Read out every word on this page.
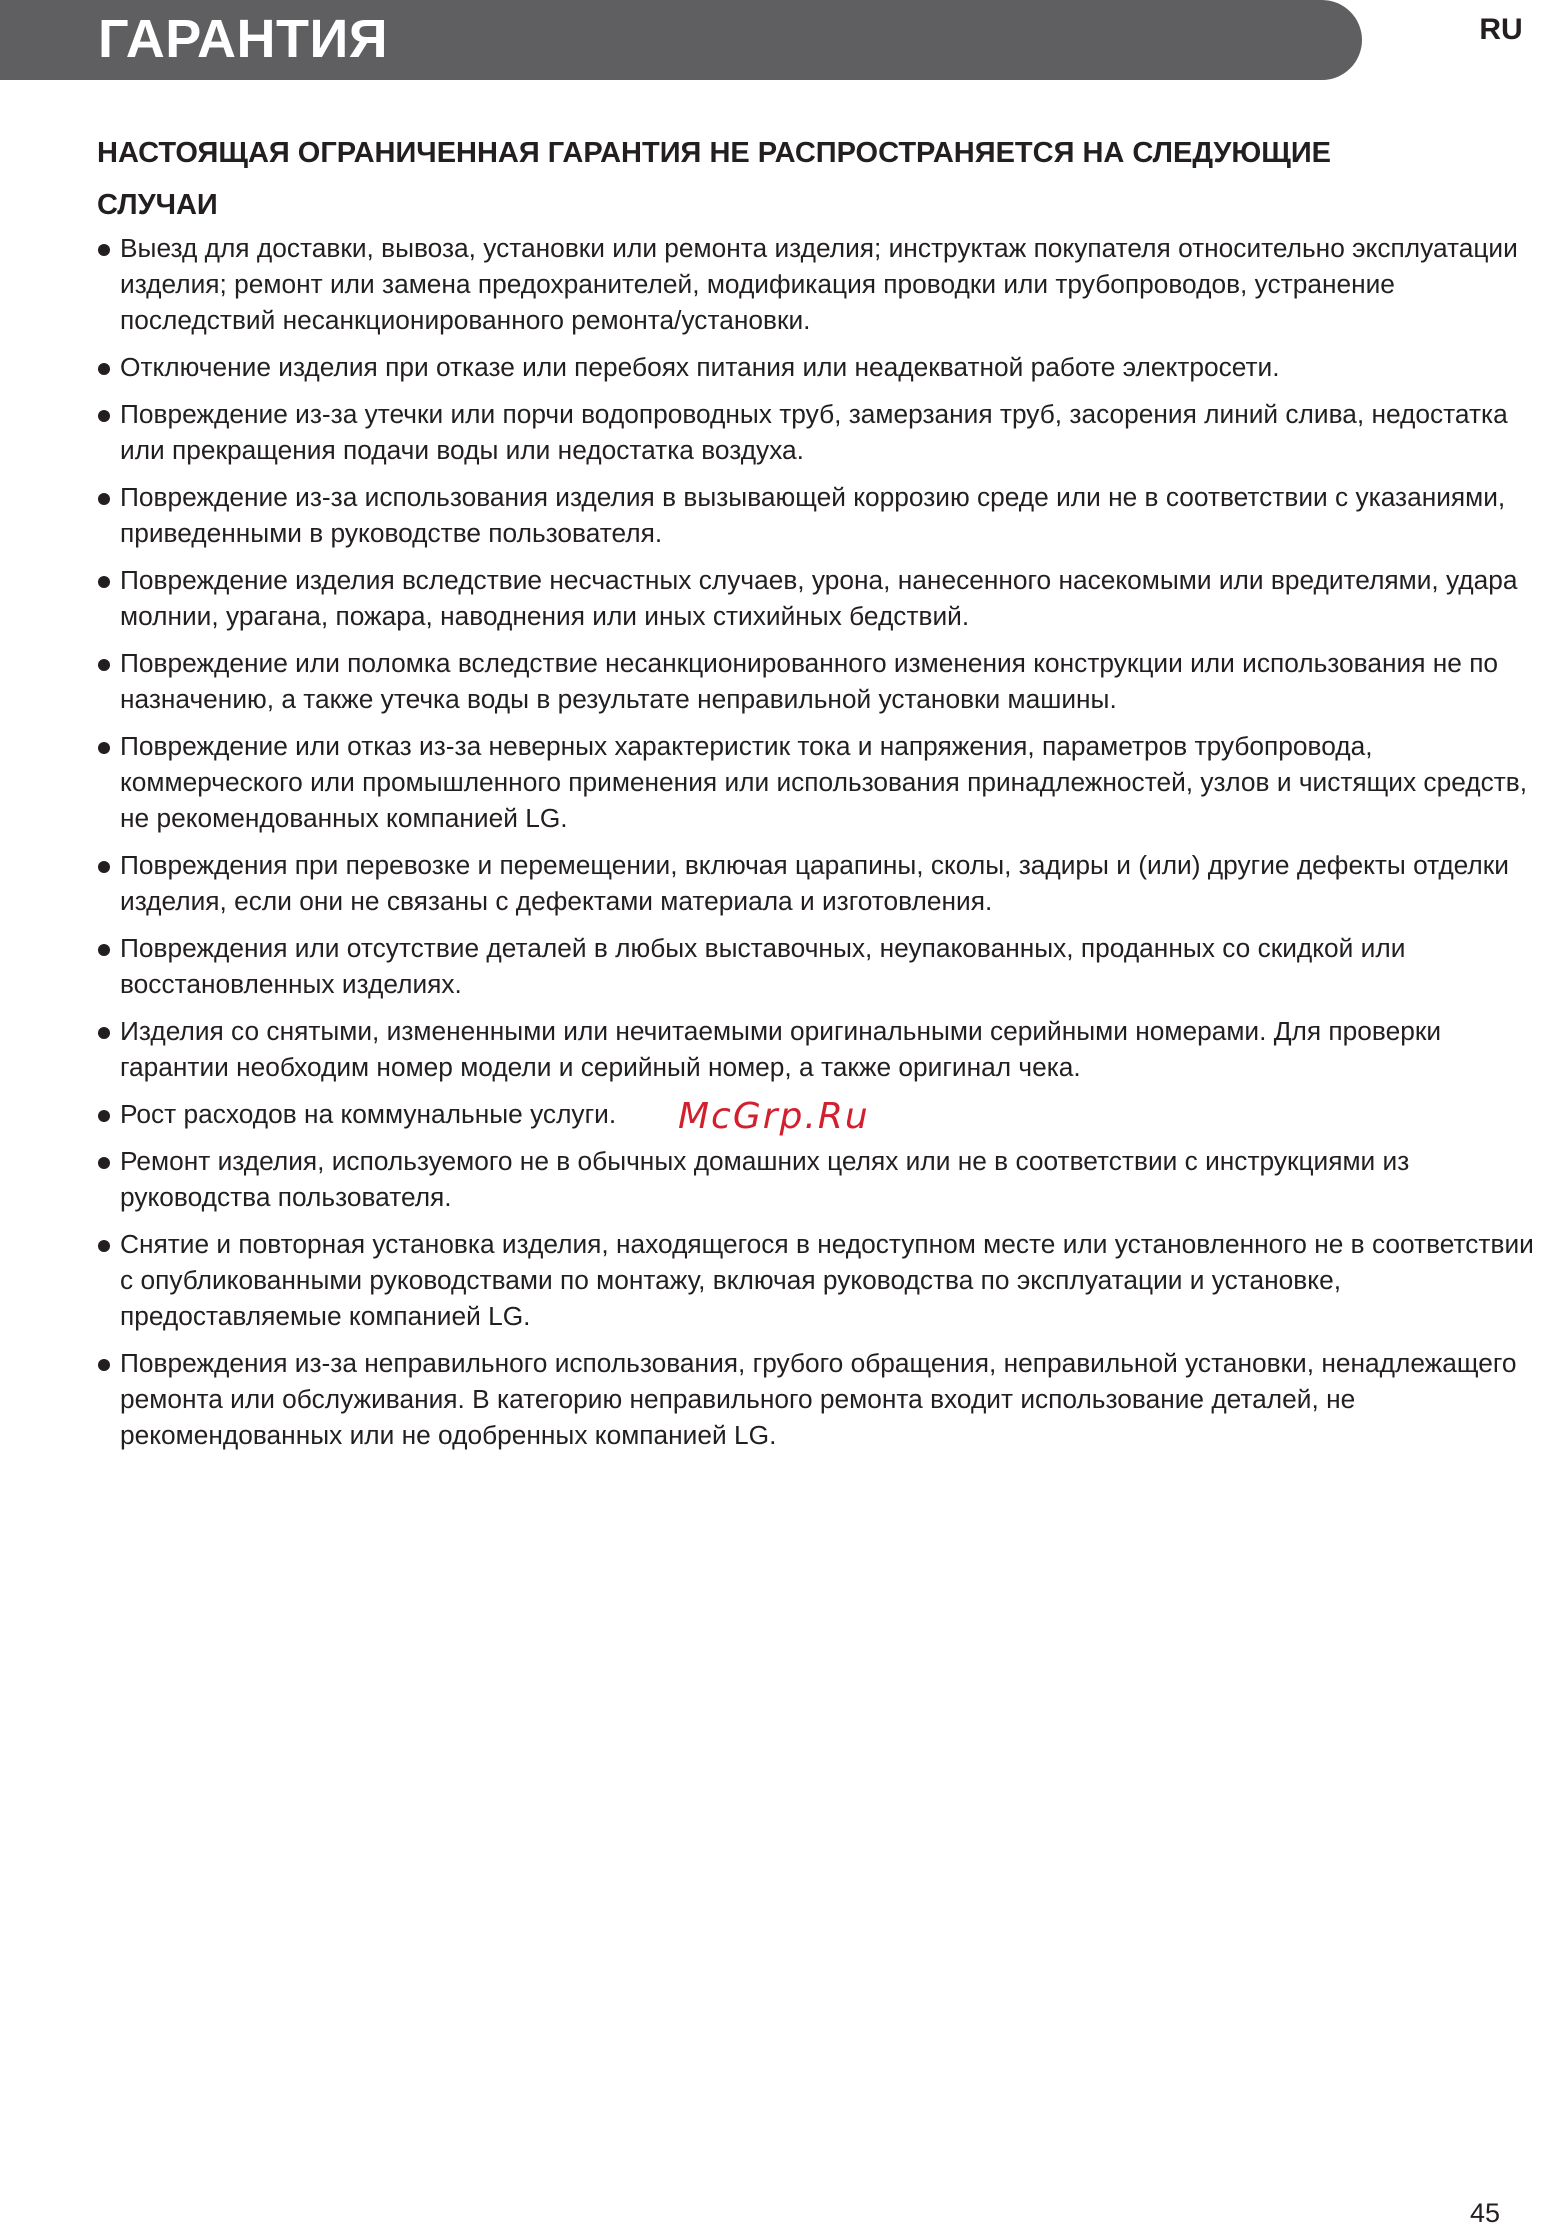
ГАРАНТИЯ	RU
НАСТОЯЩАЯ ОГРАНИЧЕННАЯ ГАРАНТИЯ НЕ РАСПРОСТРАНЯЕТСЯ НА СЛЕДУЮЩИЕ СЛУЧАИ
Выезд для доставки, вывоза, установки или ремонта изделия; инструктаж покупателя относительно эксплуатации изделия; ремонт или замена предохранителей, модификация проводки или трубопроводов, устранение последствий несанкционированного ремонта/установки.
Отключение изделия при отказе или перебоях питания или неадекватной работе электросети.
Повреждение из-за утечки или порчи водопроводных труб, замерзания труб, засорения линий слива, недостатка или прекращения подачи воды или недостатка воздуха.
Повреждение из-за использования изделия в вызывающей коррозию среде или не в соответствии с указаниями, приведенными в руководстве пользователя.
Повреждение изделия вследствие несчастных случаев, урона, нанесенного насекомыми или вредителями, удара молнии, урагана, пожара, наводнения или иных стихийных бедствий.
Повреждение или поломка вследствие несанкционированного изменения конструкции или использования не по назначению, а также утечка воды в результате неправильной установки машины.
Повреждение или отказ из-за неверных характеристик тока и напряжения, параметров трубопровода, коммерческого или промышленного применения или использования принадлежностей, узлов и чистящих средств, не рекомендованных компанией LG.
Повреждения при перевозке и перемещении, включая царапины, сколы, задиры и (или) другие дефекты отделки изделия, если они не связаны с дефектами материала и изготовления.
Повреждения или отсутствие деталей в любых выставочных, неупакованных, проданных со скидкой или восстановленных изделиях.
Изделия со снятыми, измененными или нечитаемыми оригинальными серийными номерами. Для проверки гарантии необходим номер модели и серийный номер, а также оригинал чека.
Рост расходов на коммунальные услуги.
Ремонт изделия, используемого не в обычных домашних целях или не в соответствии с инструкциями из руководства пользователя.
Снятие и повторная установка изделия, находящегося в недоступном месте или установленного не в соответствии с опубликованными руководствами по монтажу, включая руководства по эксплуатации и установке, предоставляемые компанией LG.
Повреждения из-за неправильного использования, грубого обращения, неправильной установки, ненадлежащего ремонта или обслуживания. В категорию неправильного ремонта входит использование деталей, не рекомендованных или не одобренных компанией LG.
McGrp.Ru
45
